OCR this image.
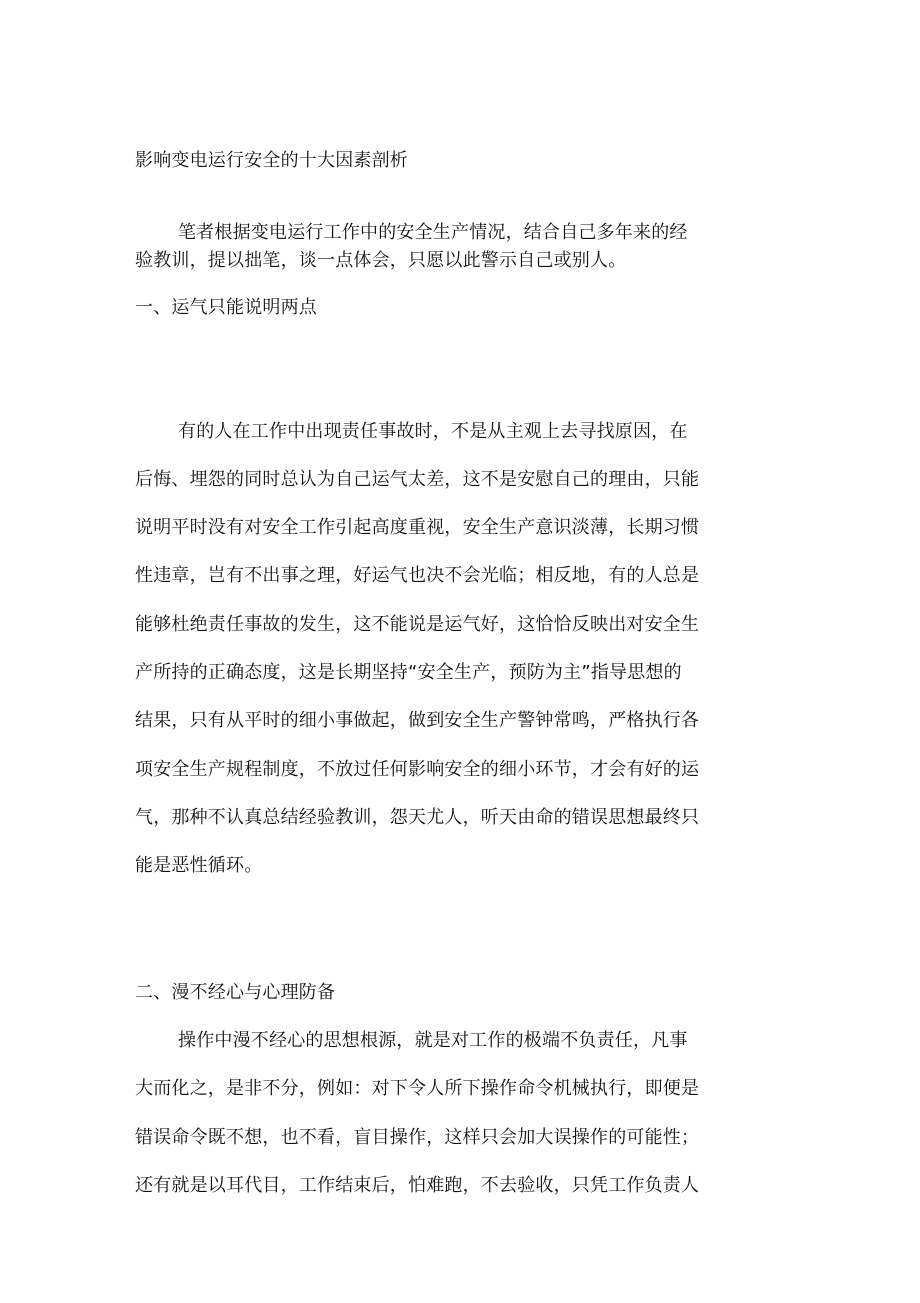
影响变电运行安全的十大因素剖析
笔者根据变电运行工作中的安全生产情况，结合自己多年来的经
验教训，提以拙笔，谈一点体会，只愿以此警示自己或别人。
一、运气只能说明两点
有的人在工作中出现责任事故时，不是从主观上去寻找原因，在
后悔、埋怨的同时总认为自己运气太差，这不是安慰自己的理由，只能
说明平时没有对安全工作引起高度重视，安全生产意识淡薄，长期习惯
性违章，岂有不出事之理，好运气也决不会光临；相反地，有的人总是
能够杜绝责任事故的发生，这不能说是运气好，这恰恰反映出对安全生
产所持的正确态度，这是长期坚持“安全生产，预防为主”指导思想的
结果，只有从平时的细小事做起，做到安全生产警钟常鸣，严格执行各
项安全生产规程制度，不放过任何影响安全的细小环节，才会有好的运
气，那种不认真总结经验教训，怨天尤人，听天由命的错误思想最终只
能是恶性循环。
二、漫不经心与心理防备
操作中漫不经心的思想根源，就是对工作的极端不负责任，凡事
大而化之，是非不分，例如：对下令人所下操作命令机械执行，即便是
错误命令既不想，也不看，盲目操作，这样只会加大误操作的可能性；
还有就是以耳代目，工作结束后，怕难跑，不去验收，只凭工作负责人
